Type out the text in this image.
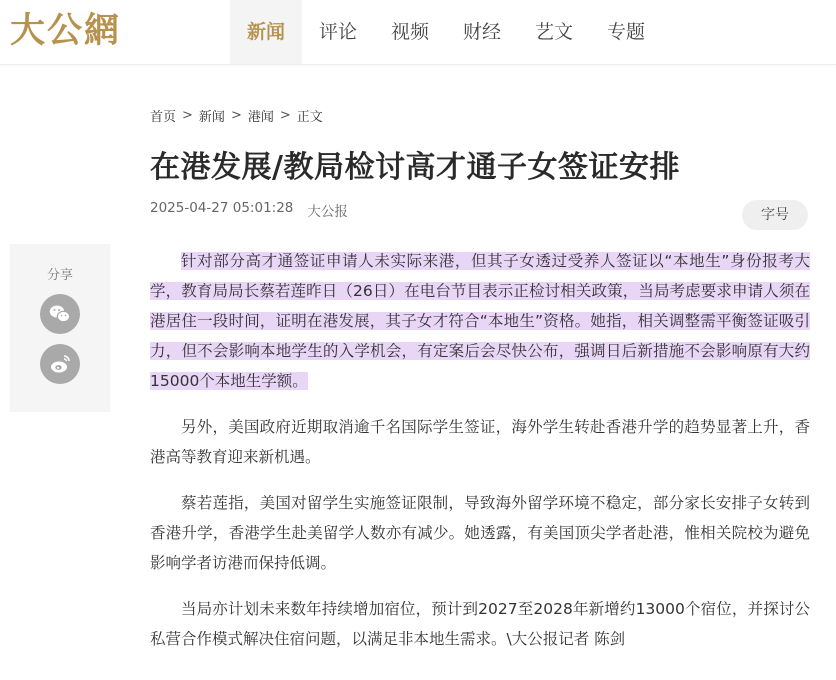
大公網	新闻	评论	视频	财经	艺文	专题
首页 > 新闻 > 港闻 > 正文
在港发展/教局检讨高才通子女签证安排
2025-04-27 05:01:28 大公报	字号
分享

针对部分高才通签证申请人未实际来港，但其子女透过受养人签证以“本地生”身份报考大学，教育局局长蔡若莲昨日（26日）在电台节目表示正检讨相关政策，当局考虑要求申请人须在港居住一段时间，证明在港发展，其子女才符合“本地生”资格。她指，相关调整需平衡签证吸引力，但不会影响本地学生的入学机会，有定案后会尽快公布，强调日后新措施不会影响原有大约15000个本地生学额。

另外，美国政府近期取消逾千名国际学生签证，海外学生转赴香港升学的趋势显著上升，香港高等教育迎来新机遇。

蔡若莲指，美国对留学生实施签证限制，导致海外留学环境不稳定，部分家长安排子女转到香港升学，香港学生赴美留学人数亦有减少。她透露，有美国顶尖学者赴港，惟相关院校为避免影响学者访港而保持低调。

当局亦计划未来数年持续增加宿位，预计到2027至2028年新增约13000个宿位，并探讨公私营合作模式解决住宿问题，以满足非本地生需求。\大公报记者 陈剑
